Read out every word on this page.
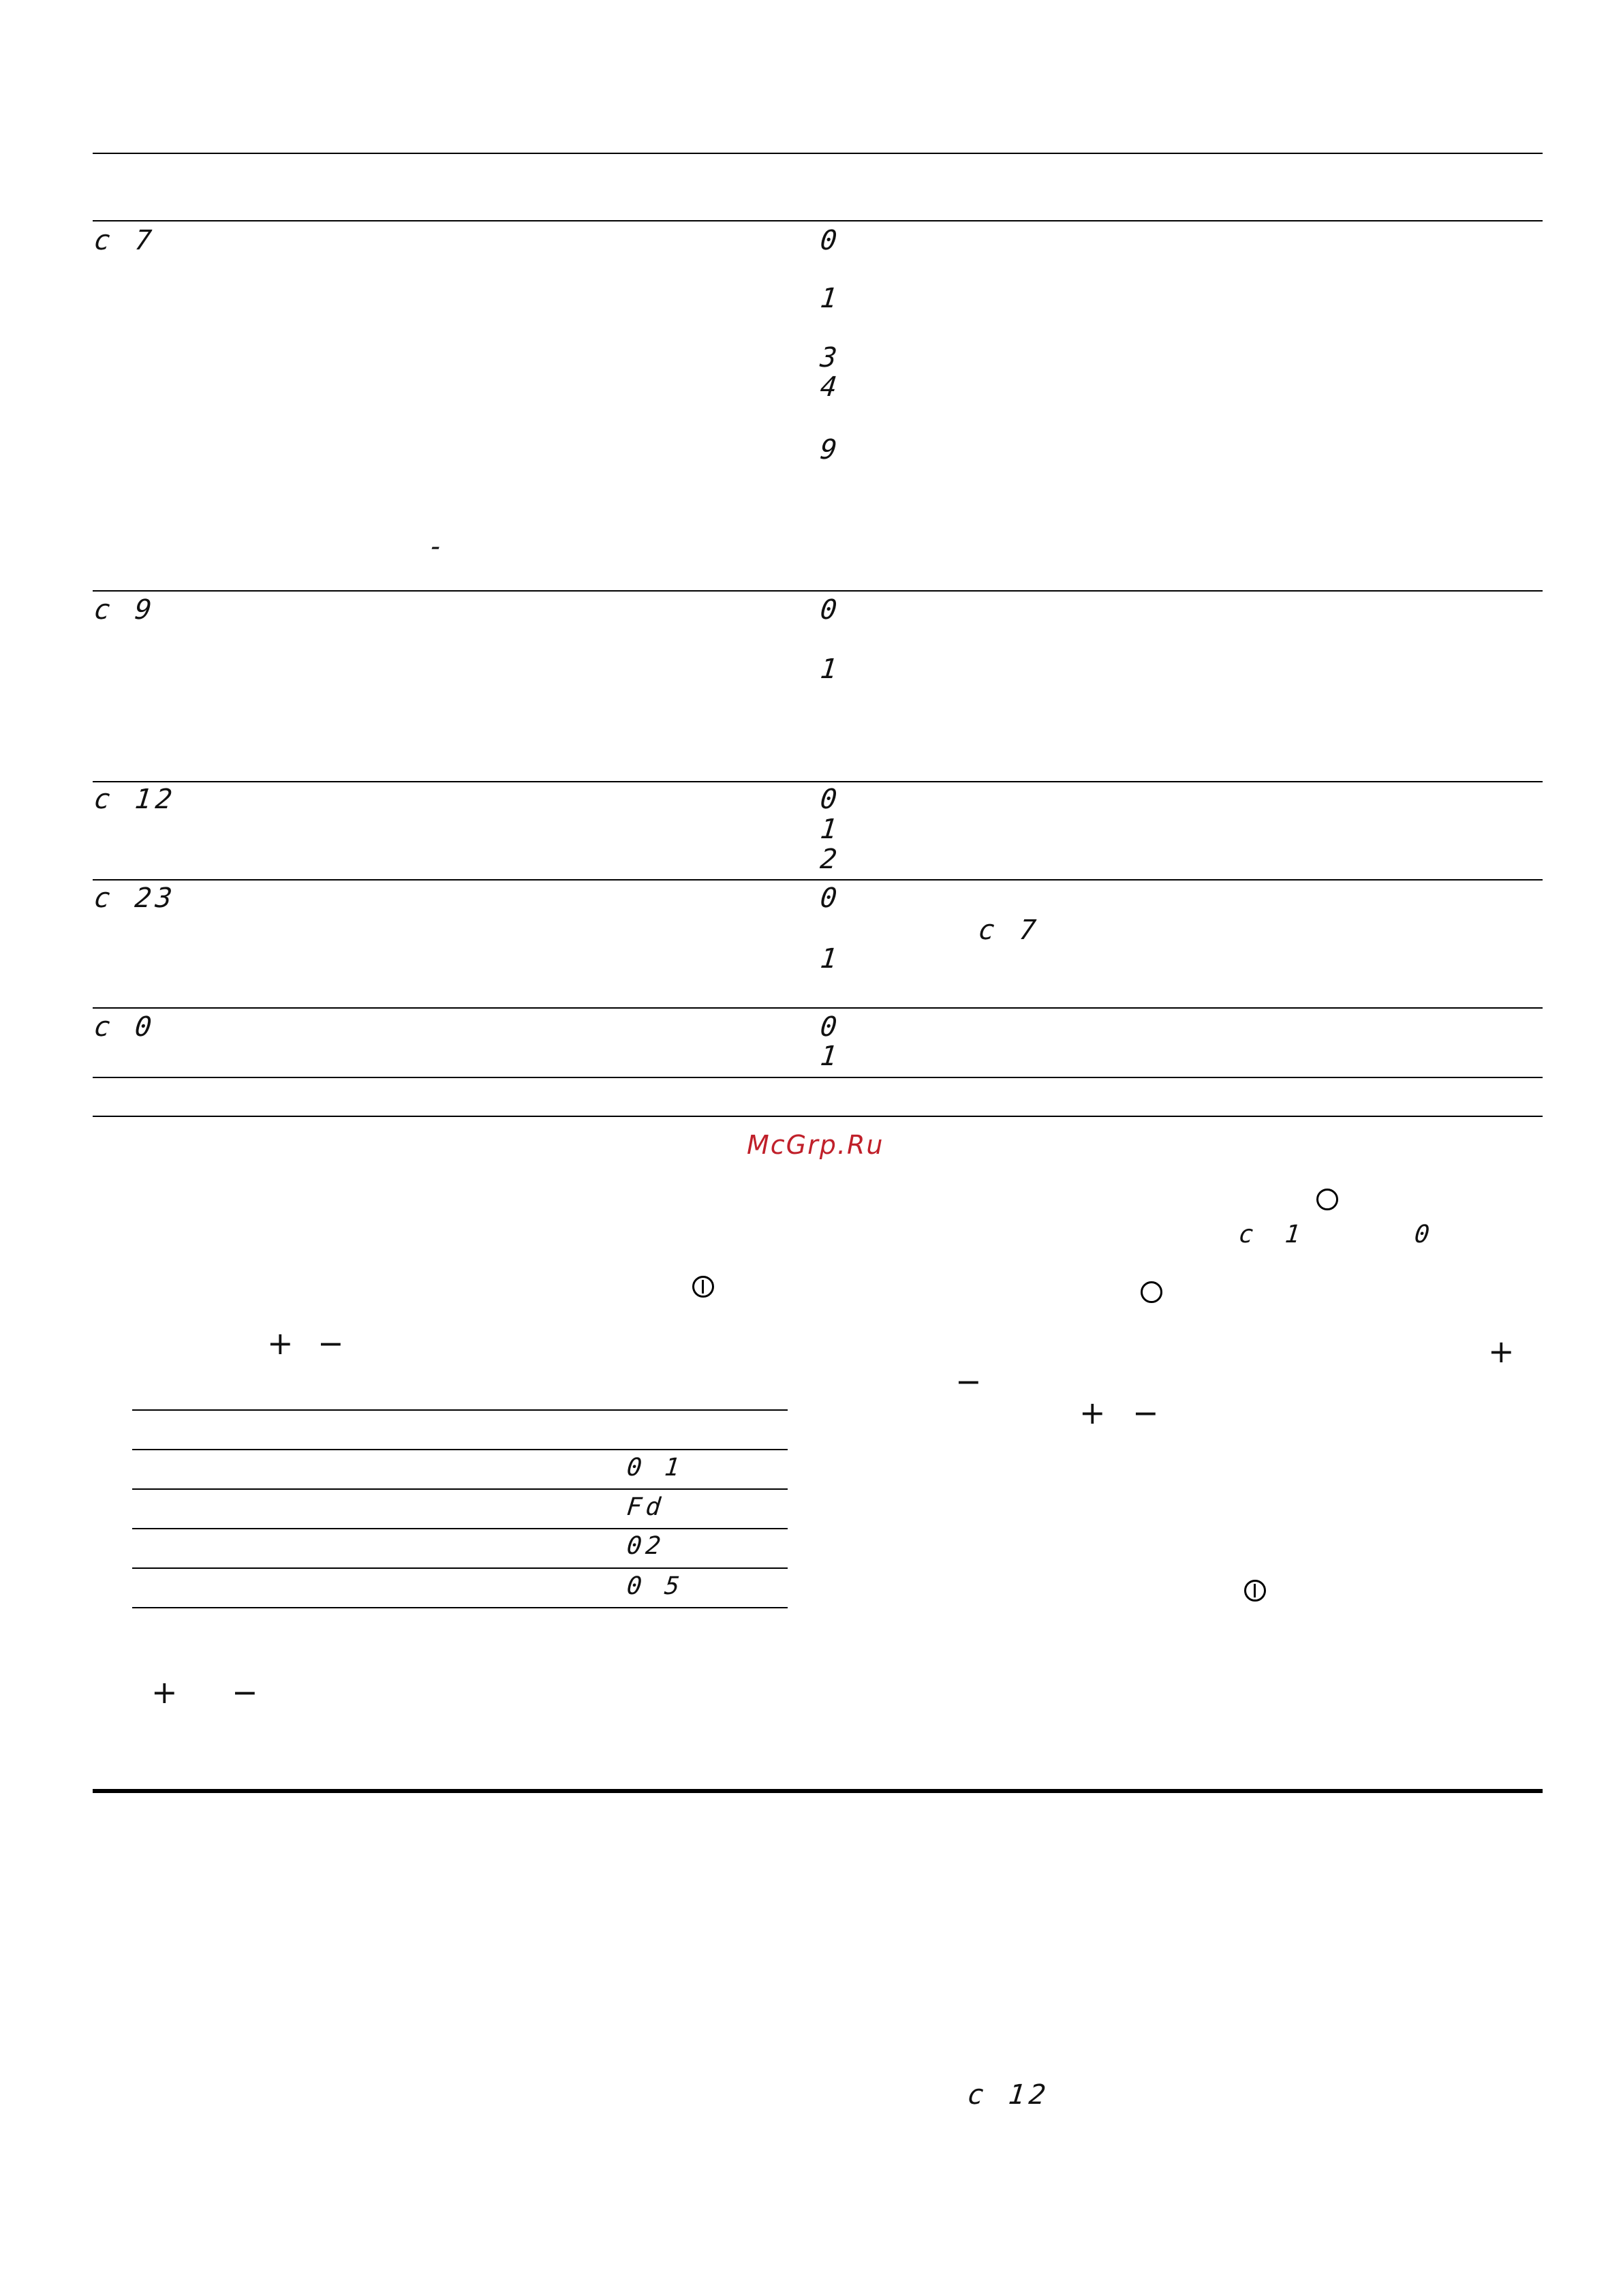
c 7	0
1
3
4
9
-
c 9	0
1
c 12	0
1
2
c 23	0
c 7
1
c 0	0
1
McGrp.Ru
+ −
0 1
Fd
02
0 5
+ −
c 1	0
+
−
+ −
c 12
